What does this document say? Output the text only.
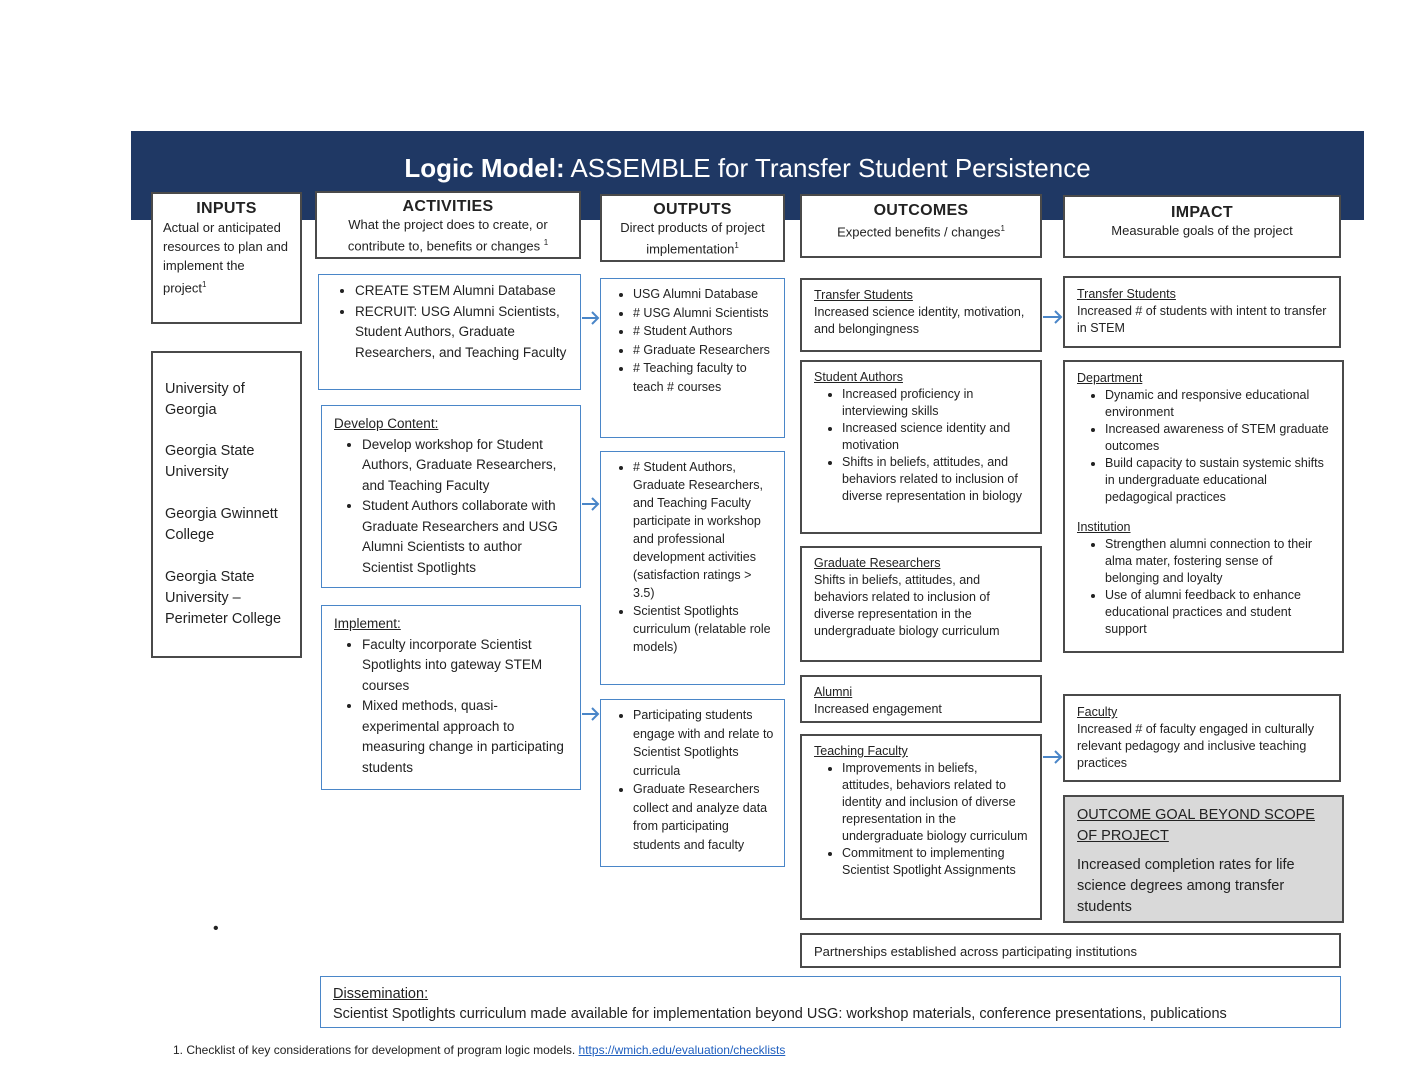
Logic Model: ASSEMBLE for Transfer Student Persistence
INPUTS
Actual or anticipated resources to plan and implement the project$^1$
ACTIVITIES
What the project does to create, or contribute to, benefits or changes $^1$
OUTPUTS
Direct products of project implementation$^1$
OUTCOMES
Expected benefits / changes$^1$
IMPACT
Measurable goals of the project
University of Georgia
Georgia State University
Georgia Gwinnett College
Georgia State University – Perimeter College
• CREATE STEM Alumni Database
• RECRUIT: USG Alumni Scientists, Student Authors, Graduate Researchers, and Teaching Faculty
Develop Content:
• Develop workshop for Student Authors, Graduate Researchers, and Teaching Faculty
• Student Authors collaborate with Graduate Researchers and USG Alumni Scientists to author Scientist Spotlights
Implement:
• Faculty incorporate Scientist Spotlights into gateway STEM courses
• Mixed methods, quasi-experimental approach to measuring change in participating students
• USG Alumni Database
• # USG Alumni Scientists
• # Student Authors
• # Graduate Researchers
• # Teaching faculty to teach # courses
• # Student Authors, Graduate Researchers, and Teaching Faculty participate in workshop and professional development activities (satisfaction ratings > 3.5)
• Scientist Spotlights curriculum (relatable role models)
• Participating students engage with and relate to Scientist Spotlights curricula
• Graduate Researchers collect and analyze data from participating students and faculty
Transfer Students
Increased science identity, motivation, and belongingness
Student Authors
• Increased proficiency in interviewing skills
• Increased science identity and motivation
• Shifts in beliefs, attitudes, and behaviors related to inclusion of diverse representation in biology
Graduate Researchers
Shifts in beliefs, attitudes, and behaviors related to inclusion of diverse representation in the undergraduate biology curriculum
Alumni
Increased engagement
Teaching Faculty
• Improvements in beliefs, attitudes, behaviors related to identity and inclusion of diverse representation in the undergraduate biology curriculum
• Commitment to implementing Scientist Spotlight Assignments
Partnerships established across participating institutions
Transfer Students
Increased # of students with intent to transfer in STEM
Department
• Dynamic and responsive educational environment
• Increased awareness of STEM graduate outcomes
• Build capacity to sustain systemic shifts in undergraduate educational pedagogical practices
Institution
• Strengthen alumni connection to their alma mater, fostering sense of belonging and loyalty
• Use of alumni feedback to enhance educational practices and student support
Faculty
Increased # of faculty engaged in culturally relevant pedagogy and inclusive teaching practices
OUTCOME GOAL BEYOND SCOPE OF PROJECT
Increased completion rates for life science degrees among transfer students
Dissemination:
Scientist Spotlights curriculum made available for implementation beyond USG: workshop materials, conference presentations, publications
•
1. Checklist of key considerations for development of program logic models. https://wmich.edu/evaluation/checklists
